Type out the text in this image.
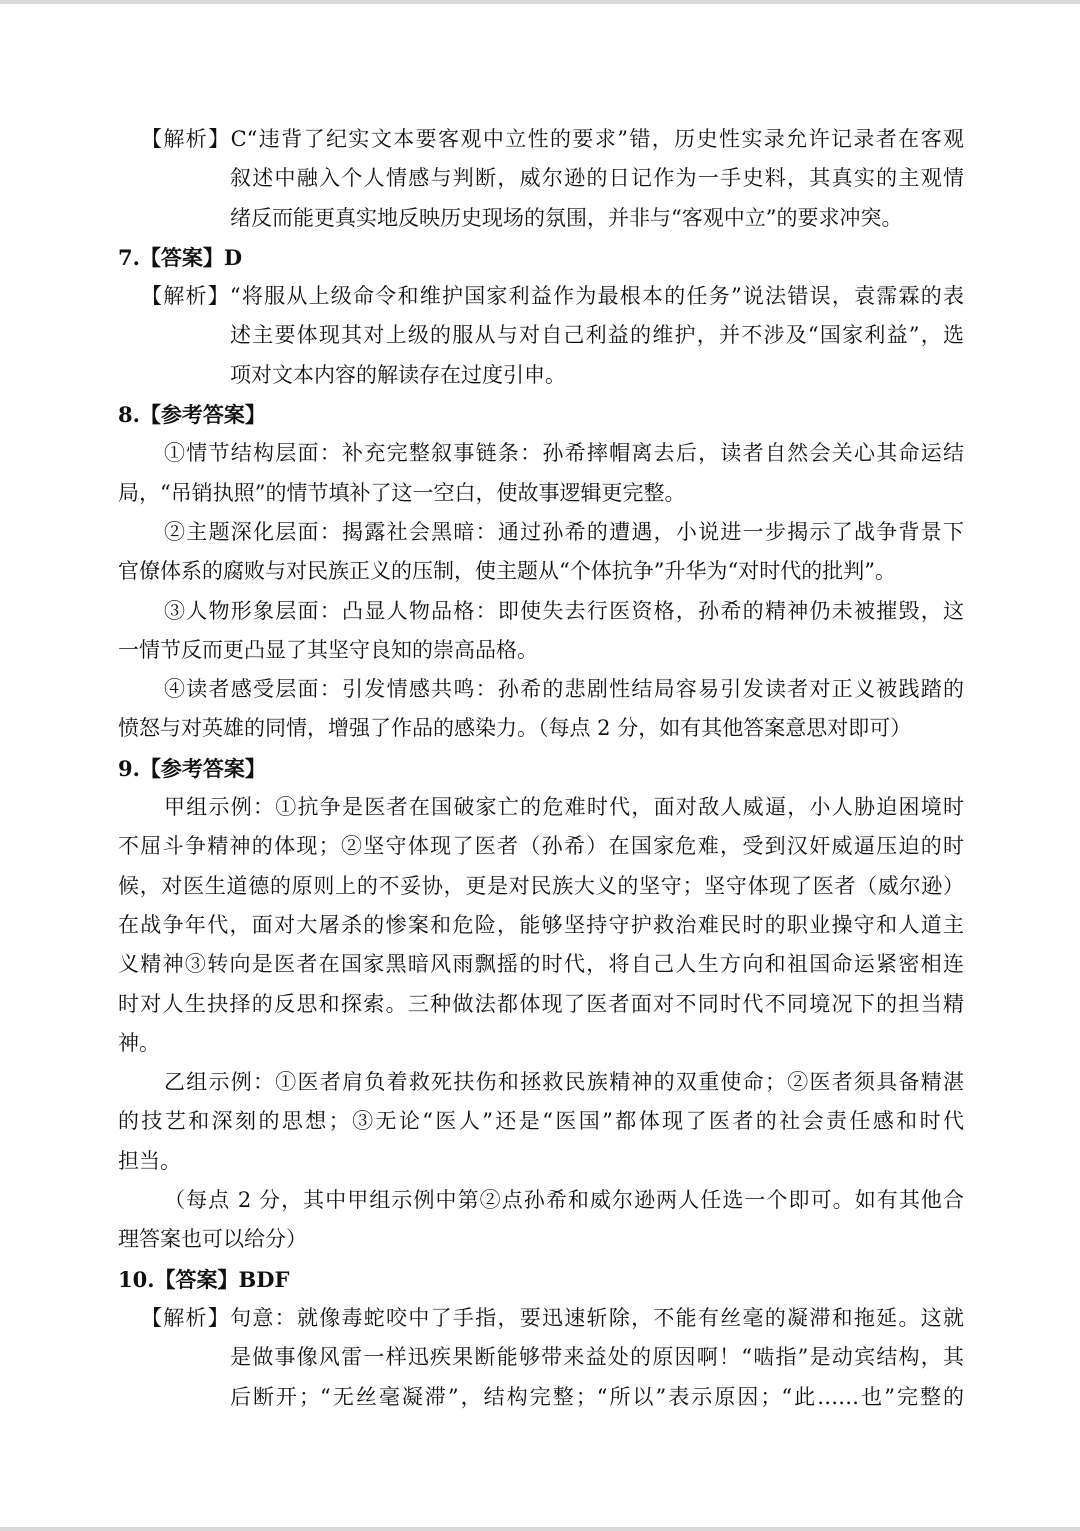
【解析】C“违背了纪实文本要客观中立性的要求”错，历史性实录允许记录者在客观
叙述中融入个人情感与判断，威尔逊的日记作为一手史料，其真实的主观情
绪反而能更真实地反映历史现场的氛围，并非与“客观中立”的要求冲突。
7.【答案】D
【解析】“将服从上级命令和维护国家利益作为最根本的任务”说法错误，袁霈霖的表
述主要体现其对上级的服从与对自己利益的维护，并不涉及“国家利益”，选
项对文本内容的解读存在过度引申。
8.【参考答案】
①情节结构层面：补充完整叙事链条：孙希摔帽离去后，读者自然会关心其命运结
局，“吊销执照”的情节填补了这一空白，使故事逻辑更完整。
②主题深化层面：揭露社会黑暗：通过孙希的遭遇，小说进一步揭示了战争背景下
官僚体系的腐败与对民族正义的压制，使主题从“个体抗争”升华为“对时代的批判”。
③人物形象层面：凸显人物品格：即使失去行医资格，孙希的精神仍未被摧毁，这
一情节反而更凸显了其坚守良知的崇高品格。
④读者感受层面：引发情感共鸣：孙希的悲剧性结局容易引发读者对正义被践踏的
愤怒与对英雄的同情，增强了作品的感染力。（每点 2 分，如有其他答案意思对即可）
9.【参考答案】
甲组示例：①抗争是医者在国破家亡的危难时代，面对敌人威逼，小人胁迫困境时
不屈斗争精神的体现；②坚守体现了医者（孙希）在国家危难，受到汉奸威逼压迫的时
候，对医生道德的原则上的不妥协，更是对民族大义的坚守；坚守体现了医者（威尔逊）
在战争年代，面对大屠杀的惨案和危险，能够坚持守护救治难民时的职业操守和人道主
义精神③转向是医者在国家黑暗风雨飘摇的时代，将自己人生方向和祖国命运紧密相连
时对人生抉择的反思和探索。三种做法都体现了医者面对不同时代不同境况下的担当精
神。
乙组示例：①医者肩负着救死扶伤和拯救民族精神的双重使命；②医者须具备精湛
的技艺和深刻的思想；③无论“医人”还是“医国”都体现了医者的社会责任感和时代
担当。
（每点 2 分，其中甲组示例中第②点孙希和威尔逊两人任选一个即可。如有其他合
理答案也可以给分）
10.【答案】BDF
【解析】句意：就像毒蛇咬中了手指，要迅速斩除，不能有丝毫的凝滞和拖延。这就
是做事像风雷一样迅疾果断能够带来益处的原因啊！“啮指”是动宾结构，其
后断开；“无丝毫凝滞”，结构完整；“所以”表示原因；“此……也”完整的
